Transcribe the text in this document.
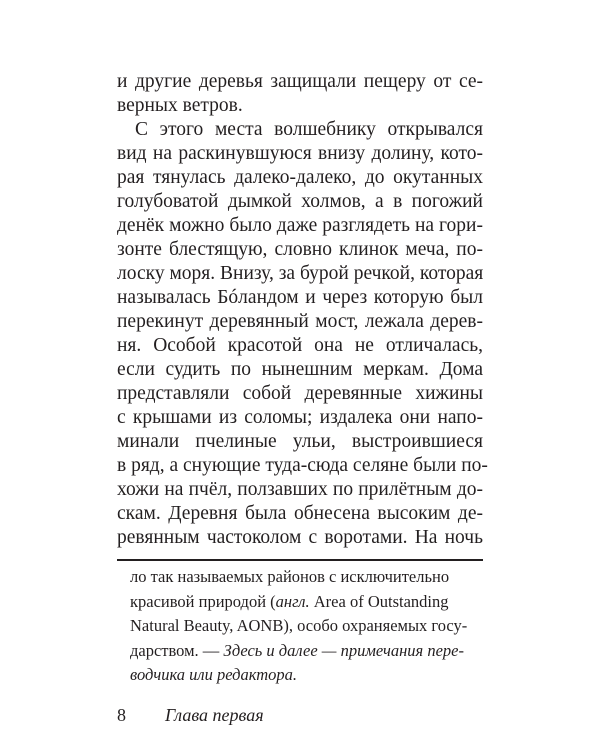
и другие деревья защищали пещеру от се-
верных ветров.
С этого места волшебнику открывался
вид на раскинувшуюся внизу долину, кото-
рая тянулась далеко-далеко, до окутанных
голубоватой дымкой холмов, а в погожий
денёк можно было даже разглядеть на гори-
зонте блестящую, словно клинок меча, по-
лоску моря. Внизу, за бурой речкой, которая
называлась Бóландом и через которую был
перекинут деревянный мост, лежала дерев-
ня. Особой красотой она не отличалась,
если судить по нынешним меркам. Дома
представляли собой деревянные хижины
с крышами из соломы; издалека они напо-
минали пчелиные ульи, выстроившиеся
в ряд, а снующие туда-сюда селяне были по-
хожи на пчёл, ползавших по прилётным до-
скам. Деревня была обнесена высоким де-
ревянным частоколом с воротами. На ночь
ло так называемых районов с исключительно
красивой природой (англ. Area of Outstanding
Natural Beauty, AONB), особо охраняемых госу-
дарством. — Здесь и далее — примечания пере-
водчика или редактора.
8 Глава первая
